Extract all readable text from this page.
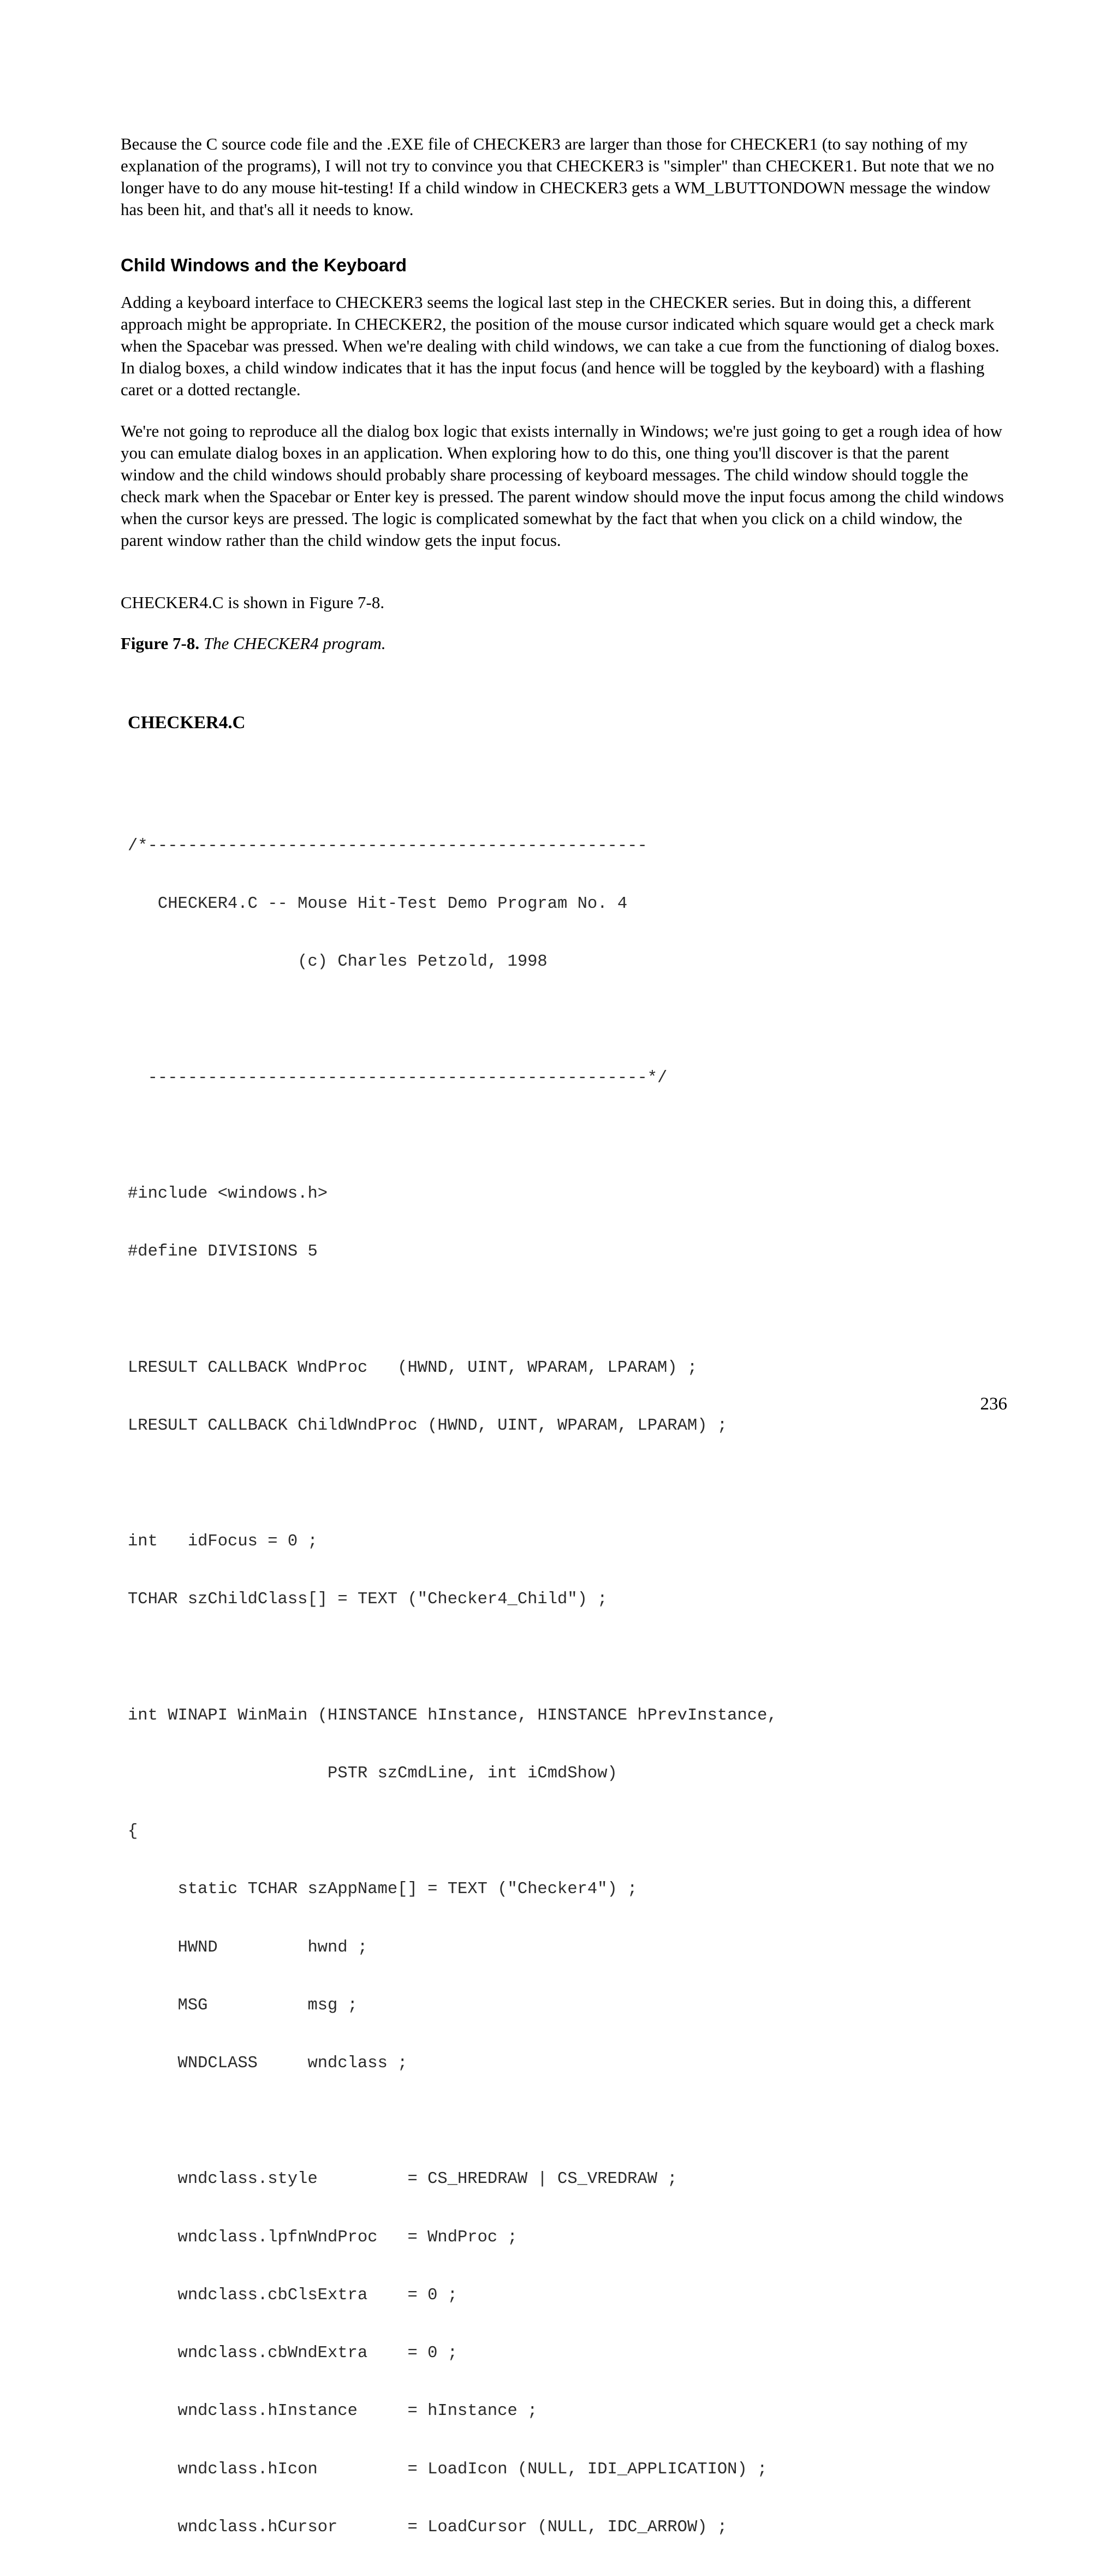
Because the C source code file and the .EXE file of CHECKER3 are larger than those for CHECKER1 (to say nothing of my explanation of the programs), I will not try to convince you that CHECKER3 is "simpler" than CHECKER1. But note that we no longer have to do any mouse hit-testing! If a child window in CHECKER3 gets a WM_LBUTTONDOWN message the window has been hit, and that's all it needs to know.

Child Windows and the Keyboard

Adding a keyboard interface to CHECKER3 seems the logical last step in the CHECKER series. But in doing this, a different approach might be appropriate. In CHECKER2, the position of the mouse cursor indicated which square would get a check mark when the Spacebar was pressed. When we're dealing with child windows, we can take a cue from the functioning of dialog boxes. In dialog boxes, a child window indicates that it has the input focus (and hence will be toggled by the keyboard) with a flashing caret or a dotted rectangle.

We're not going to reproduce all the dialog box logic that exists internally in Windows; we're just going to get a rough idea of how you can emulate dialog boxes in an application. When exploring how to do this, one thing you'll discover is that the parent window and the child windows should probably share processing of keyboard messages. The child window should toggle the check mark when the Spacebar or Enter key is pressed. The parent window should move the input focus among the child windows when the cursor keys are pressed. The logic is complicated somewhat by the fact that when you click on a child window, the parent window rather than the child window gets the input focus.

CHECKER4.C is shown in Figure 7-8.

Figure 7-8. The CHECKER4 program.

CHECKER4.C

/*--------------------------------------------------

CHECKER4.C -- Mouse Hit-Test Demo Program No. 4

(c) Charles Petzold, 1998

--------------------------------------------------*/

#include <windows.h>

#define DIVISIONS 5

LRESULT CALLBACK WndProc   (HWND, UINT, WPARAM, LPARAM) ;

LRESULT CALLBACK ChildWndProc (HWND, UINT, WPARAM, LPARAM) ;

int   idFocus = 0 ;

TCHAR szChildClass[] = TEXT ("Checker4_Child") ;

int WINAPI WinMain (HINSTANCE hInstance, HINSTANCE hPrevInstance,

PSTR szCmdLine, int iCmdShow)

{

static TCHAR szAppName[] = TEXT ("Checker4") ;

HWND         hwnd ;

MSG          msg ;

WNDCLASS     wndclass ;

wndclass.style         = CS_HREDRAW | CS_VREDRAW ;

wndclass.lpfnWndProc   = WndProc ;

wndclass.cbClsExtra    = 0 ;

wndclass.cbWndExtra    = 0 ;

wndclass.hInstance     = hInstance ;

wndclass.hIcon         = LoadIcon (NULL, IDI_APPLICATION) ;

wndclass.hCursor       = LoadCursor (NULL, IDC_ARROW) ;

236
